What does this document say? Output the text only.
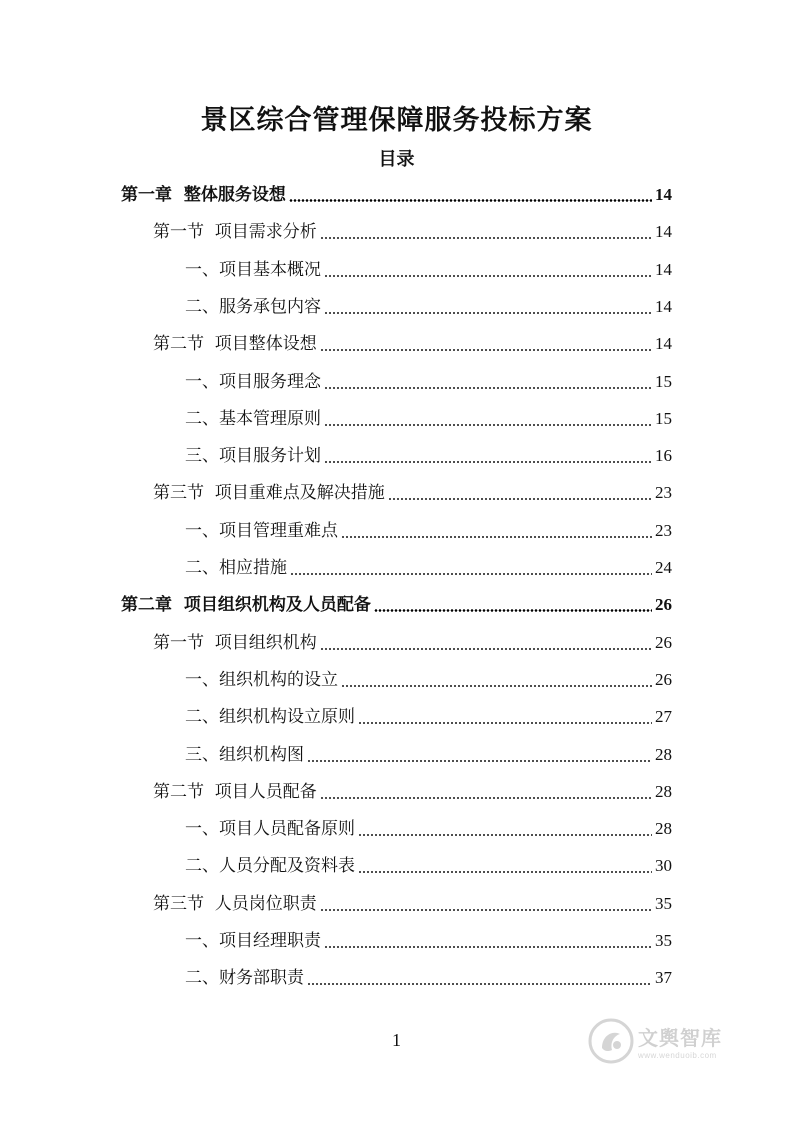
景区综合管理保障服务投标方案
目录
第一章  整体服务设想	14
第一节  项目需求分析	14
一、项目基本概况	14
二、服务承包内容	14
第二节  项目整体设想	14
一、项目服务理念	15
二、基本管理原则	15
三、项目服务计划	16
第三节  项目重难点及解决措施	23
一、项目管理重难点	23
二、相应措施	24
第二章  项目组织机构及人员配备	26
第一节  项目组织机构	26
一、组织机构的设立	26
二、组织机构设立原则	27
三、组织机构图	28
第二节  项目人员配备	28
一、项目人员配备原则	28
二、人员分配及资料表	30
第三节  人员岗位职责	35
一、项目经理职责	35
二、财务部职责	37
1	文舆智库
www.wenduoib.com
